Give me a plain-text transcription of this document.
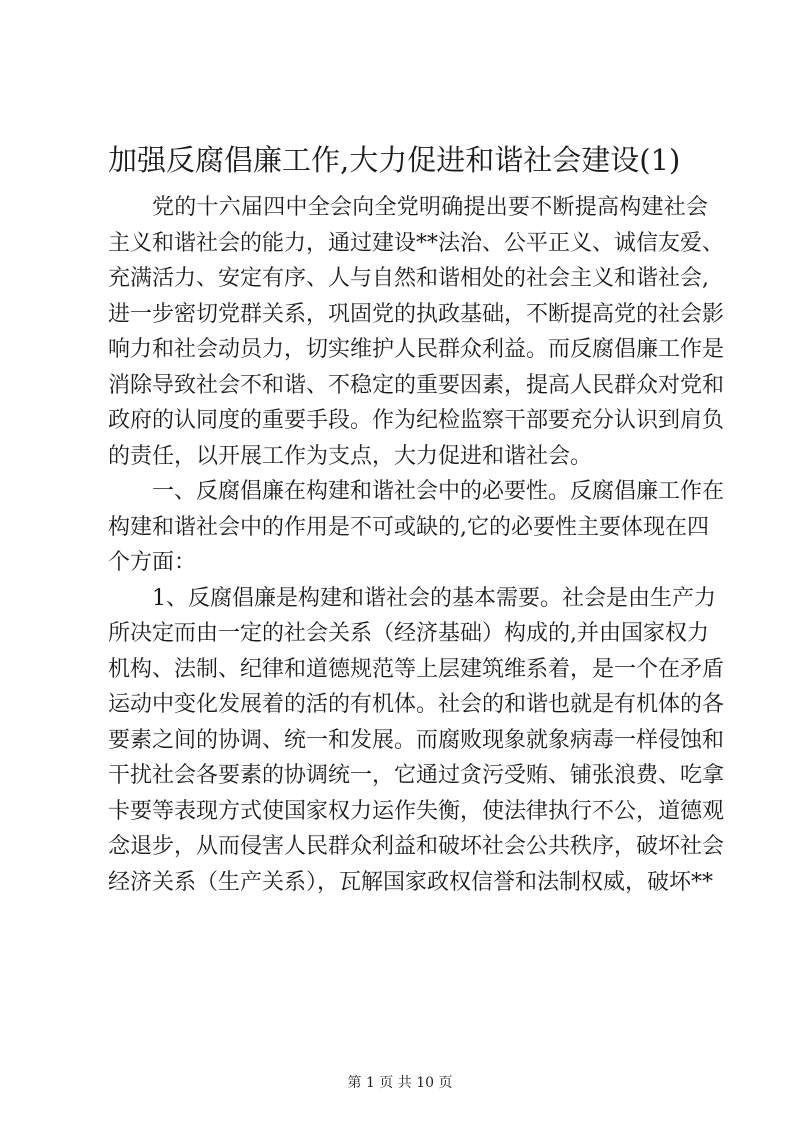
加强反腐倡廉工作,大力促进和谐社会建设(1)

党的十六届四中全会向全党明确提出要不断提高构建社会
主义和谐社会的能力，通过建设**法治、公平正义、诚信友爱、
充满活力、安定有序、人与自然和谐相处的社会主义和谐社会,
进一步密切党群关系，巩固党的执政基础，不断提高党的社会影
响力和社会动员力，切实维护人民群众利益。而反腐倡廉工作是
消除导致社会不和谐、不稳定的重要因素，提高人民群众对党和
政府的认同度的重要手段。作为纪检监察干部要充分认识到肩负
的责任，以开展工作为支点，大力促进和谐社会。

一、反腐倡廉在构建和谐社会中的必要性。反腐倡廉工作在
构建和谐社会中的作用是不可或缺的,它的必要性主要体现在四
个方面：

1、反腐倡廉是构建和谐社会的基本需要。社会是由生产力
所决定而由一定的社会关系（经济基础）构成的,并由国家权力
机构、法制、纪律和道德规范等上层建筑维系着，是一个在矛盾
运动中变化发展着的活的有机体。社会的和谐也就是有机体的各
要素之间的协调、统一和发展。而腐败现象就象病毒一样侵蚀和
干扰社会各要素的协调统一，它通过贪污受贿、铺张浪费、吃拿
卡要等表现方式使国家权力运作失衡，使法律执行不公，道德观
念退步，从而侵害人民群众利益和破坏社会公共秩序，破坏社会
经济关系（生产关系），瓦解国家政权信誉和法制权威，破坏**

第 1 页 共 10 页
